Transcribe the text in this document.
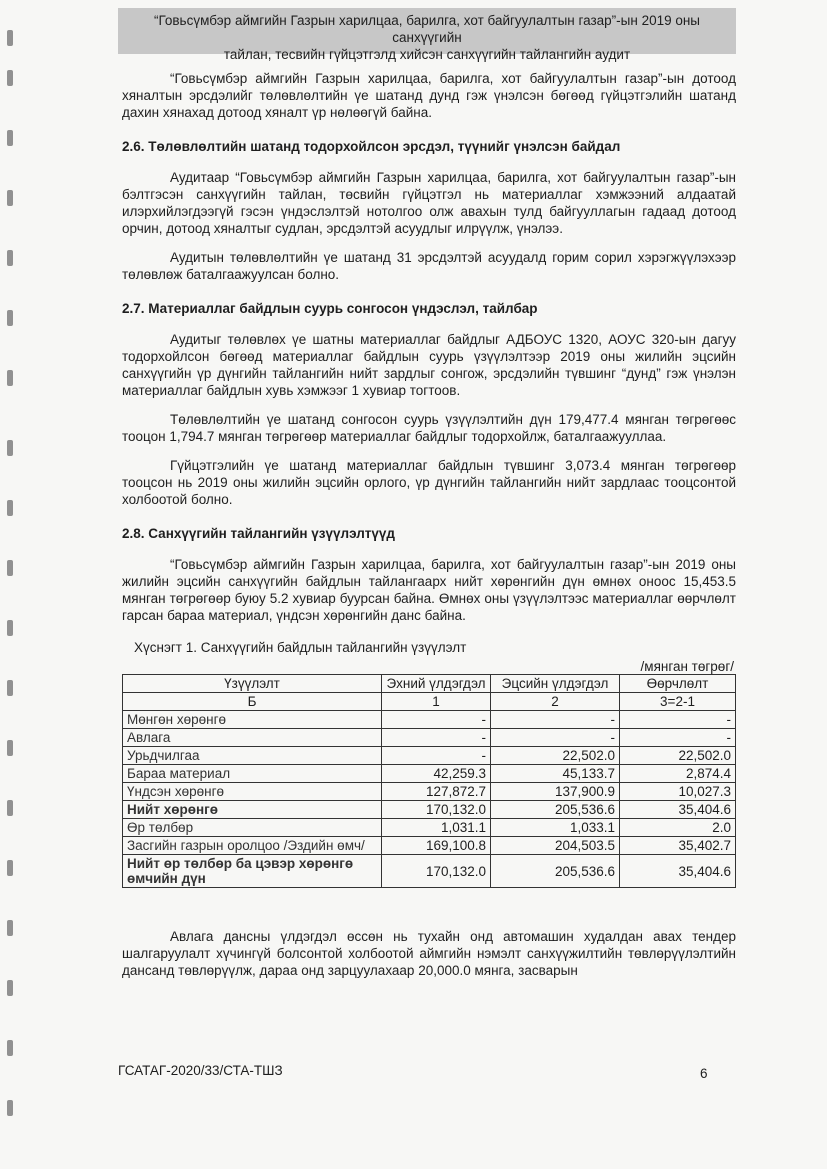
“Говьсүмбэр аймгийн Газрын харилцаа, барилга, хот байгуулалтын газар”-ын 2019 оны санхүүгийн
тайлан, тесвийн гүйцэтгэлд хийсэн санхүүгийн тайлангийн аудит

“Говьсүмбэр аймгийн Газрын харилцаа, барилга, хот байгуулалтын газар”-ын дотоод хяналтын эрсдэлийг төлөвлөлтийн үе шатанд дунд гэж үнэлсэн бөгөөд гүйцэтгэлийн шатанд дахин хянахад дотоод хяналт үр нөлөөгүй байна.

2.6. Төлөвлөлтийн шатанд тодорхойлсон эрсдэл, түүнийг үнэлсэн байдал

Аудитаар “Говьсүмбэр аймгийн Газрын харилцаа, барилга, хот байгуулалтын газар”-ын бэлтгэсэн санхүүгийн тайлан, төсвийн гүйцэтгэл нь материаллаг хэмжээний алдаатай илэрхийлэгдээгүй гэсэн үндэслэлтэй нотолгоо олж авахын тулд байгууллагын гадаад дотоод орчин, дотоод хяналтыг судлан, эрсдэлтэй асуудлыг илрүүлж, үнэлээ.

Аудитын төлөвлөлтийн үе шатанд 31 эрсдэлтэй асуудалд горим сорил хэрэгжүүлэхээр төлөвлөж баталгаажуулсан болно.

2.7. Материаллаг байдлын суурь сонгосон үндэслэл, тайлбар

Аудитыг төлөвлөх үе шатны материаллаг байдлыг АДБОУС 1320, АОУС 320-ын дагуу тодорхойлсон бөгөөд материаллаг байдлын суурь үзүүлэлтээр 2019 оны жилийн эцсийн санхүүгийн үр дүнгийн тайлангийн нийт зардлыг сонгож, эрсдэлийн түвшинг “дунд” гэж үнэлэн материаллаг байдлын хувь хэмжээг 1 хувиар тогтоов.

Төлөвлөлтийн үе шатанд сонгосон суурь үзүүлэлтийн дүн 179,477.4 мянган төгрөгөөс тооцон 1,794.7 мянган төгрөгөөр материаллаг байдлыг тодорхойлж, баталгаажууллаа.

Гүйцэтгэлийн үе шатанд материаллаг байдлын түвшинг 3,073.4 мянган төгрөгөөр тооцсон нь 2019 оны жилийн эцсийн орлого, үр дүнгийн тайлангийн нийт зардлаас тооцсонтой холбоотой болно.

2.8. Санхүүгийн тайлангийн үзүүлэлтүүд

“Говьсүмбэр аймгийн Газрын харилцаа, барилга, хот байгуулалтын газар”-ын 2019 оны жилийн эцсийн санхүүгийн байдлын тайлангаарх нийт хөрөнгийн дүн өмнөх оноос 15,453.5 мянган төгрөгөөр буюу 5.2 хувиар буурсан байна. Өмнөх оны үзүүлэлтээс материаллаг өөрчлөлт гарсан бараа материал, үндсэн хөрөнгийн данс байна.

Хүснэгт 1. Санхүүгийн байдлын тайлангийн үзүүлэлт
/мянган төгрөг/
Үзүүлэлт	Эхний үлдэгдэл	Эцсийн үлдэгдэл	Өөрчлөлт
Б	1	2	3=2-1
Мөнгөн хөрөнгө	-	-	-
Авлага	-	-	-
Урьдчилгаа	-	22,502.0	22,502.0
Бараа материал	42,259.3	45,133.7	2,874.4
Үндсэн хөрөнгө	127,872.7	137,900.9	10,027.3
Нийт хөрөнгө	170,132.0	205,536.6	35,404.6
Өр төлбөр	1,031.1	1,033.1	2.0
Засгийн газрын оролцоо /Эздийн өмч/	169,100.8	204,503.5	35,402.7
Нийт өр төлбөр ба цэвэр хөрөнгө өмчийн дүн	170,132.0	205,536.6	35,404.6

Авлага дансны үлдэгдэл өссөн нь тухайн онд автомашин худалдан авах тендер шалгаруулалт хүчингүй болсонтой холбоотой аймгийн нэмэлт санхүүжилтийн төвлөрүүлэлтийн дансанд төвлөрүүлж, дараа онд зарцуулахаар 20,000.0 мянга, засварын

ГСАТАГ-2020/33/СТА-ТШЗ	6
